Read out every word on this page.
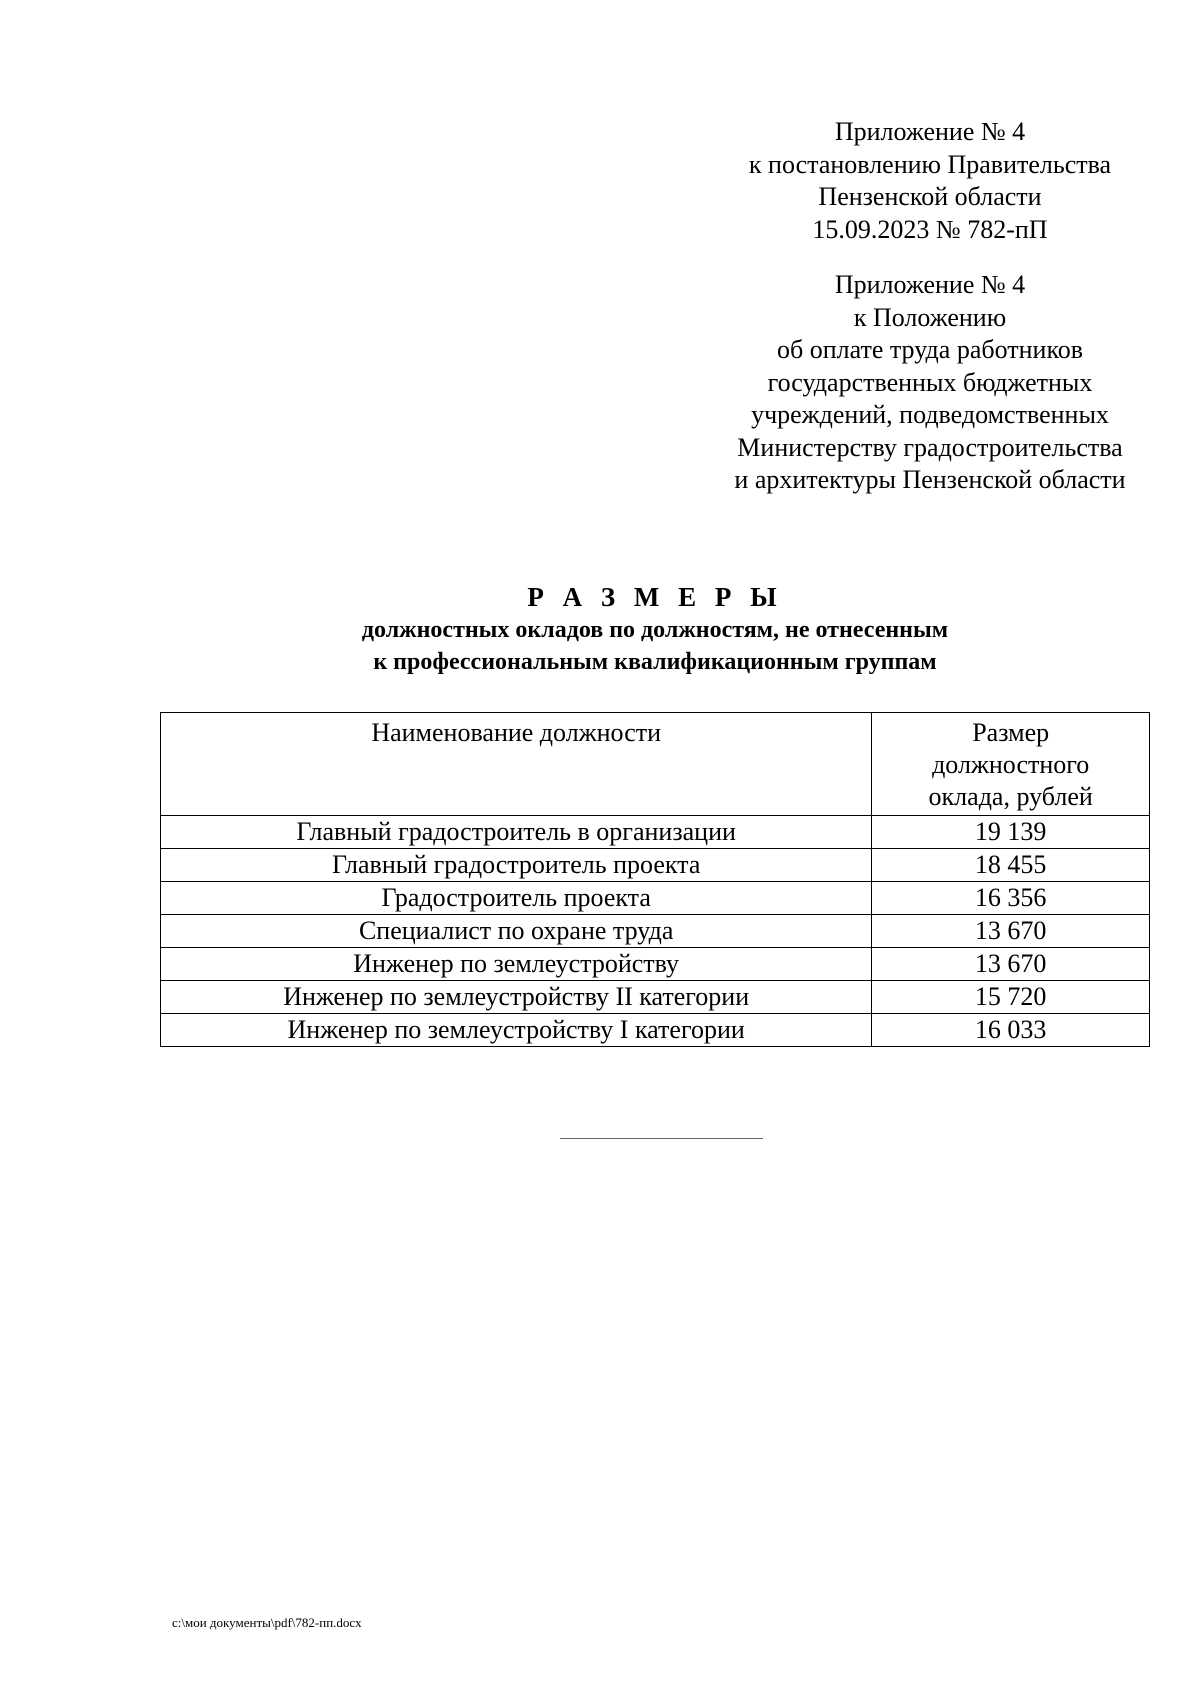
Приложение № 4
к постановлению Правительства
Пензенской области
15.09.2023 № 782-пП
Приложение № 4
к Положению
об оплате труда работников
государственных бюджетных
учреждений, подведомственных
Министерству градостроительства
и архитектуры Пензенской области
Р А З М Е Р Ы
должностных окладов по должностям, не отнесенным
к профессиональным квалификационным группам
Наименование должности	Размер
должностного
оклада, рублей

Главный градостроитель в организации	19 139
Главный градостроитель проекта	18 455
Градостроитель проекта	16 356
Специалист по охране труда	13 670
Инженер по землеустройству	13 670
Инженер по землеустройству II категории	15 720
Инженер по землеустройству I категории	16 033
c:\мои документы\pdf\782-пп.docx
